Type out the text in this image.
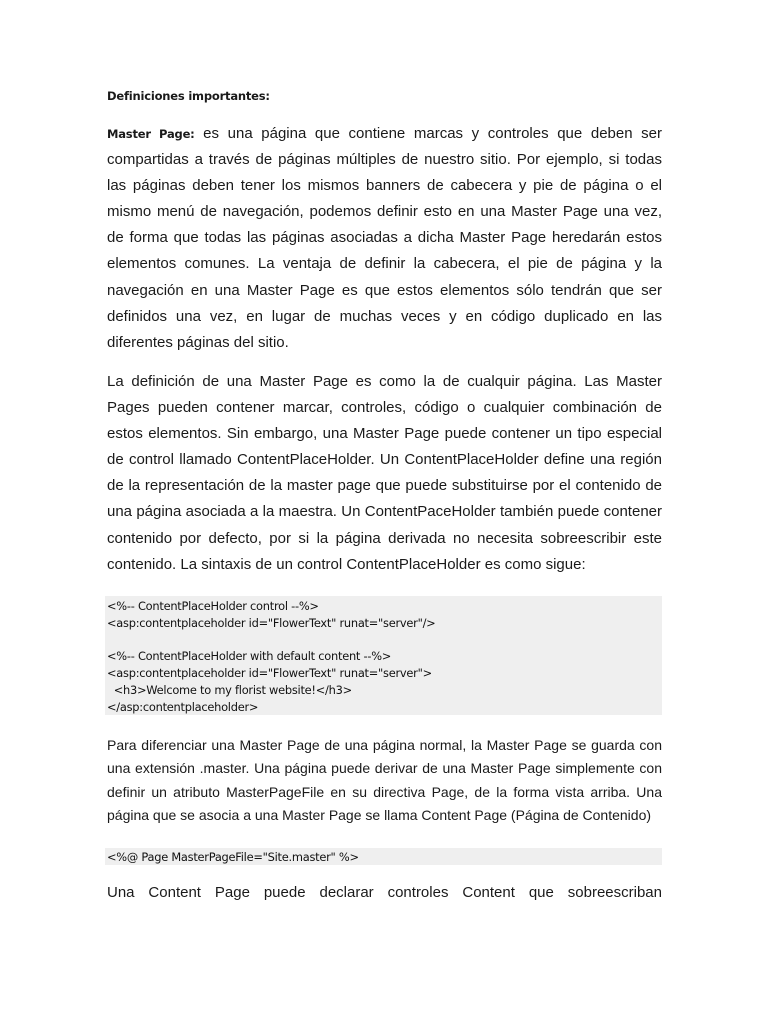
Definiciones importantes:

Master Page: es una página que contiene marcas y controles que deben ser compartidas a través de páginas múltiples de nuestro sitio. Por ejemplo, si todas las páginas deben tener los mismos banners de cabecera y pie de página o el mismo menú de navegación, podemos definir esto en una Master Page una vez, de forma que todas las páginas asociadas a dicha Master Page heredarán estos elementos comunes. La ventaja de definir la cabecera, el pie de página y la navegación en una Master Page es que estos elementos sólo tendrán que ser definidos una vez, en lugar de muchas veces y en código duplicado en las diferentes páginas del sitio.

La definición de una Master Page es como la de cualquir página. Las Master Pages pueden contener marcar, controles, código o cualquier combinación de estos elementos. Sin embargo, una Master Page puede contener un tipo especial de control llamado ContentPlaceHolder. Un ContentPlaceHolder define una región de la representación de la master page que puede substituirse por el contenido de una página asociada a la maestra. Un ContentPaceHolder también puede contener contenido por defecto, por si la página derivada no necesita sobreescribir este contenido. La sintaxis de un control ContentPlaceHolder es como sigue:

<%-- ContentPlaceHolder control --%>
<asp:contentplaceholder id="FlowerText" runat="server"/>

<%-- ContentPlaceHolder with default content --%>
<asp:contentplaceholder id="FlowerText" runat="server">
<h3>Welcome to my florist website!</h3>
</asp:contentplaceholder>

Para diferenciar una Master Page de una página normal, la Master Page se guarda con una extensión .master. Una página puede derivar de una Master Page simplemente con definir un atributo MasterPageFile en su directiva Page, de la forma vista arriba. Una página que se asocia a una Master Page se llama Content Page (Página de Contenido)

<%@ Page MasterPageFile="Site.master" %>

Una Content Page puede declarar controles Content que sobreescriban
